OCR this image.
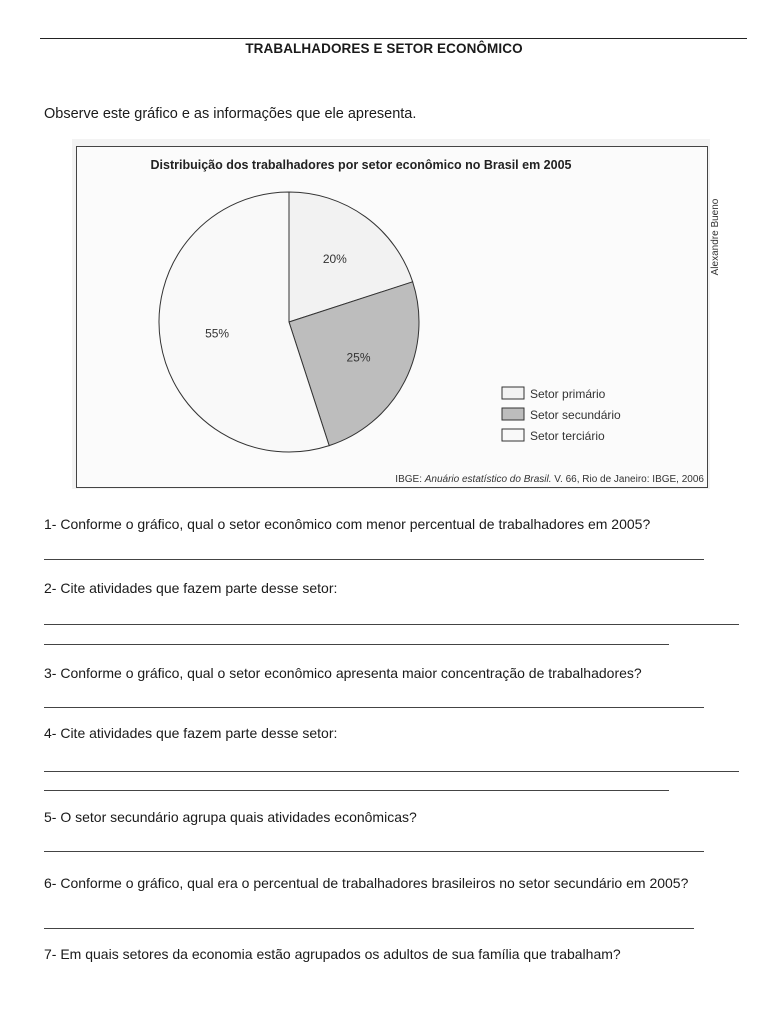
TRABALHADORES E SETOR ECONÔMICO
Observe este gráfico e as informações que ele apresenta.
Distribuição dos trabalhadores por setor econômico no Brasil em 2005
Alexandre Bueno
20%
25%
55%
Setor primário
Setor secundário
Setor terciário
IBGE: Anuário estatístico do Brasil. V. 66, Rio de Janeiro: IBGE, 2006
1- Conforme o gráfico, qual o setor econômico com menor percentual de trabalhadores em 2005?
2- Cite atividades que fazem parte desse setor:
3- Conforme o gráfico, qual o setor econômico apresenta maior concentração de trabalhadores?
4- Cite atividades que fazem parte desse setor:
5- O setor secundário agrupa quais atividades econômicas?
6- Conforme o gráfico, qual era o percentual de trabalhadores brasileiros no setor secundário em 2005?
7- Em quais setores da economia estão agrupados os adultos de sua família que trabalham?
